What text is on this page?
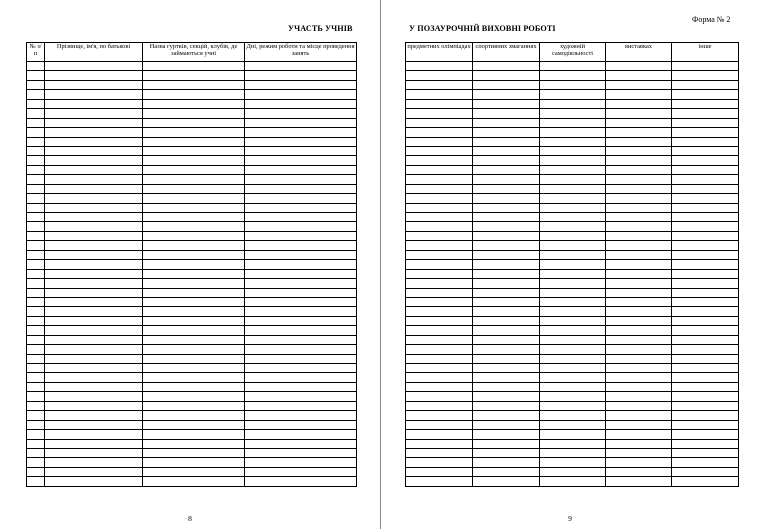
УЧАСТЬ УЧНІВ
№ з/п	Прізвище, ім'я, по батькові	Назва гуртків, секцій, клубів, де займаються учні	Дні, режим роботи та місце проведення занять

8
Форма № 2
У ПОЗАУРОЧНІЙ ВИХОВНІ РОБОТІ
предметних олімпіадах	спортивних змаганнях	художній самодіяльності	виставках	інше

9
